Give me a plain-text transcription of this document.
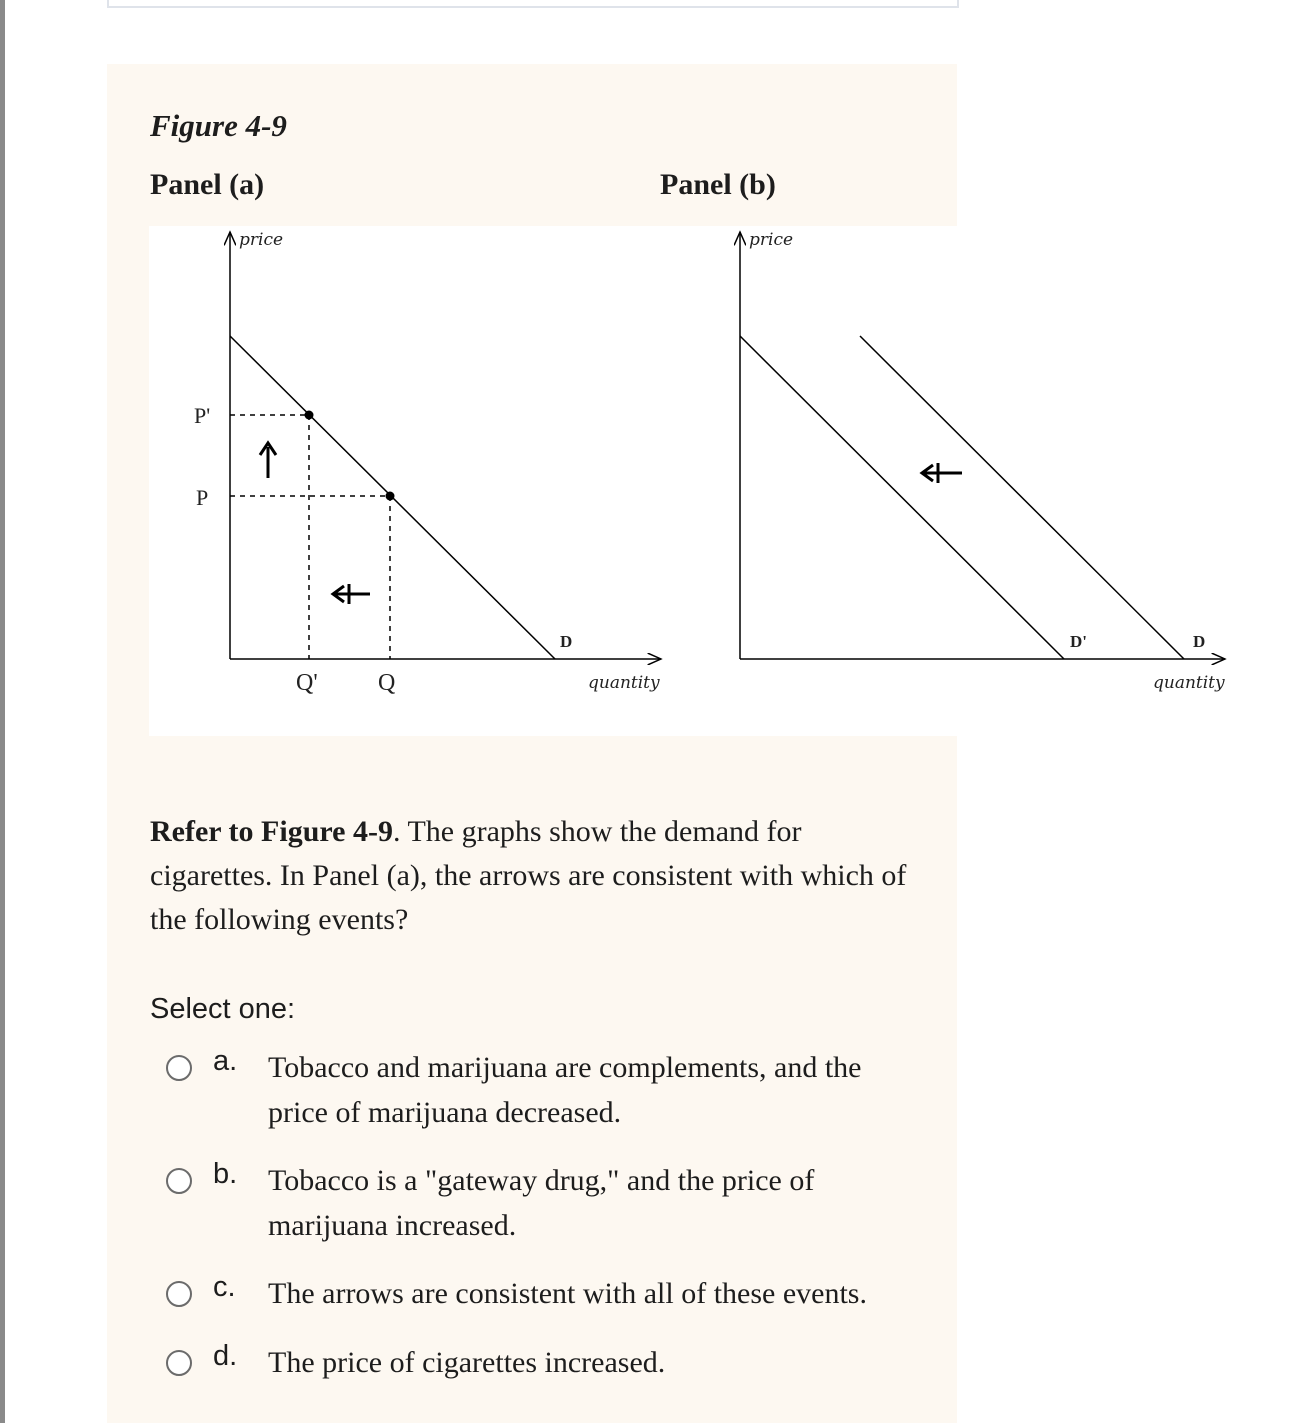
Figure 4-9
Panel (a)	Panel (b)
price
P'
P
Q'	Q
D
quantity
price
D'	D
quantity
Refer to Figure 4-9. The graphs show the demand for cigarettes. In Panel (a), the arrows are consistent with which of the following events?
Select one:
a. Tobacco and marijuana are complements, and the
price of marijuana decreased.
b. Tobacco is a "gateway drug," and the price of
marijuana increased.
c. The arrows are consistent with all of these events.
d. The price of cigarettes increased.
